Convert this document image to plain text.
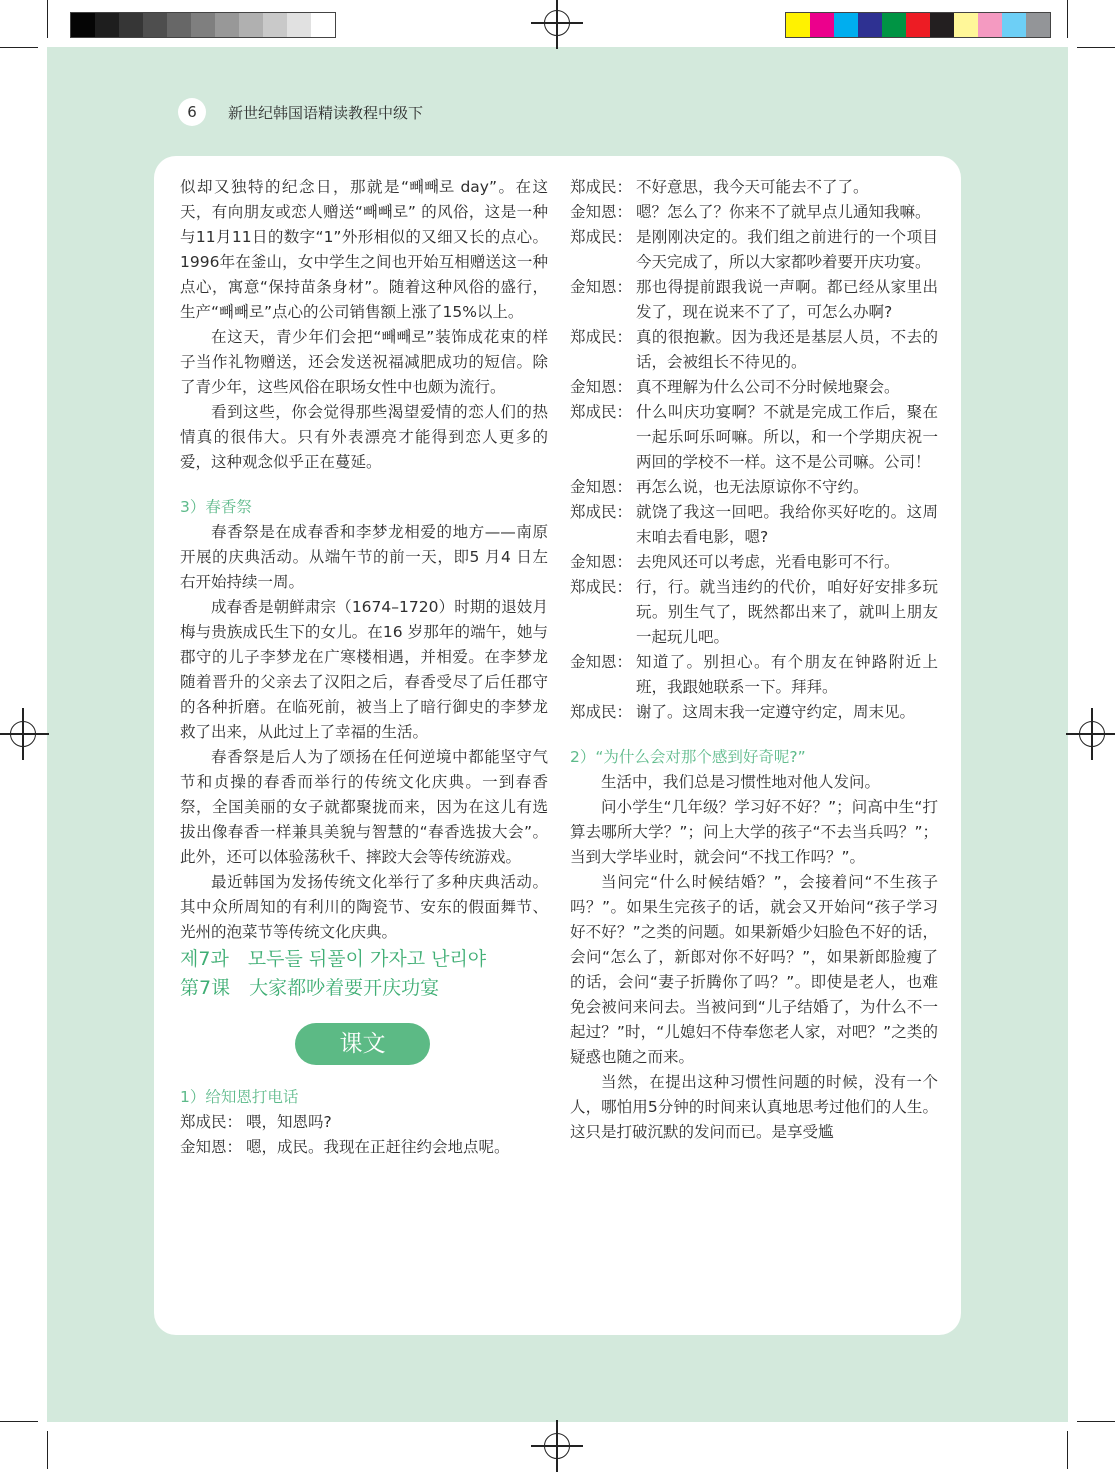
6	新世纪韩国语精读教程中级下

似却又独特的纪念日，那就是“빼빼로 day”。在这天，有向朋友或恋人赠送“빼빼로” 的风俗，这是一种与11月11日的数字“1”外形相似的又细又长的点心。1996年在釜山，女中学生之间也开始互相赠送这一种点心，寓意“保持苗条身材”。随着这种风俗的盛行，生产“빼빼로”点心的公司销售额上涨了15%以上。

在这天，青少年们会把“빼빼로”装饰成花束的样子当作礼物赠送，还会发送祝福减肥成功的短信。除了青少年，这些风俗在职场女性中也颇为流行。

看到这些，你会觉得那些渴望爱情的恋人们的热情真的很伟大。只有外表漂亮才能得到恋人更多的爱，这种观念似乎正在蔓延。

3）春香祭

春香祭是在成春香和李梦龙相爱的地方——南原开展的庆典活动。从端午节的前一天，即5 月4 日左右开始持续一周。

成春香是朝鲜肃宗（1674–1720）时期的退妓月梅与贵族成氏生下的女儿。在16 岁那年的端午，她与郡守的儿子李梦龙在广寒楼相遇，并相爱。在李梦龙随着晋升的父亲去了汉阳之后，春香受尽了后任郡守的各种折磨。在临死前，被当上了暗行御史的李梦龙救了出来，从此过上了幸福的生活。

春香祭是后人为了颂扬在任何逆境中都能坚守气节和贞操的春香而举行的传统文化庆典。一到春香祭，全国美丽的女子就都聚拢而来，因为在这儿有选拔出像春香一样兼具美貌与智慧的“春香选拔大会”。此外，还可以体验荡秋千、摔跤大会等传统游戏。

最近韩国为发扬传统文化举行了多种庆典活动。其中众所周知的有利川的陶瓷节、安东的假面舞节、光州的泡菜节等传统文化庆典。

제7과　모두들 뒤풀이 가자고 난리야

第7课　大家都吵着要开庆功宴

课文

1）给知恩打电话

郑成民： 喂，知恩吗?
金知恩： 嗯，成民。我现在正赶往约会地点呢。
郑成民： 不好意思，我今天可能去不了了。
金知恩： 嗯？怎么了？你来不了就早点儿通知我嘛。
郑成民： 是刚刚决定的。我们组之前进行的一个项目今天完成了，所以大家都吵着要开庆功宴。
金知恩： 那也得提前跟我说一声啊。都已经从家里出发了，现在说来不了了，可怎么办啊?
郑成民： 真的很抱歉。因为我还是基层人员，不去的话，会被组长不待见的。
金知恩： 真不理解为什么公司不分时候地聚会。
郑成民： 什么叫庆功宴啊？不就是完成工作后，聚在一起乐呵乐呵嘛。所以，和一个学期庆祝一两回的学校不一样。这不是公司嘛。公司！
金知恩： 再怎么说，也无法原谅你不守约。
郑成民： 就饶了我这一回吧。我给你买好吃的。这周末咱去看电影，嗯?
金知恩： 去兜风还可以考虑，光看电影可不行。
郑成民： 行，行。就当违约的代价，咱好好安排多玩玩。别生气了，既然都出来了，就叫上朋友一起玩儿吧。
金知恩： 知道了。别担心。有个朋友在钟路附近上班，我跟她联系一下。拜拜。
郑成民： 谢了。这周末我一定遵守约定，周末见。

2）“为什么会对那个感到好奇呢?”

生活中，我们总是习惯性地对他人发问。

问小学生“几年级？学习好不好？”；问高中生“打算去哪所大学？”；问上大学的孩子“不去当兵吗？”；当到大学毕业时，就会问“不找工作吗？”。

当问完“什么时候结婚？”，会接着问“不生孩子吗？”。如果生完孩子的话，就会又开始问“孩子学习好不好？”之类的问题。如果新婚少妇脸色不好的话，会问“怎么了，新郎对你不好吗？”，如果新郎脸瘦了的话，会问“妻子折腾你了吗？”。即使是老人，也难免会被问来问去。当被问到“儿子结婚了，为什么不一起过？”时，“儿媳妇不侍奉您老人家，对吧？”之类的疑惑也随之而来。

当然，在提出这种习惯性问题的时候，没有一个人，哪怕用5分钟的时间来认真地思考过他们的人生。这只是打破沉默的发问而已。是享受尴
